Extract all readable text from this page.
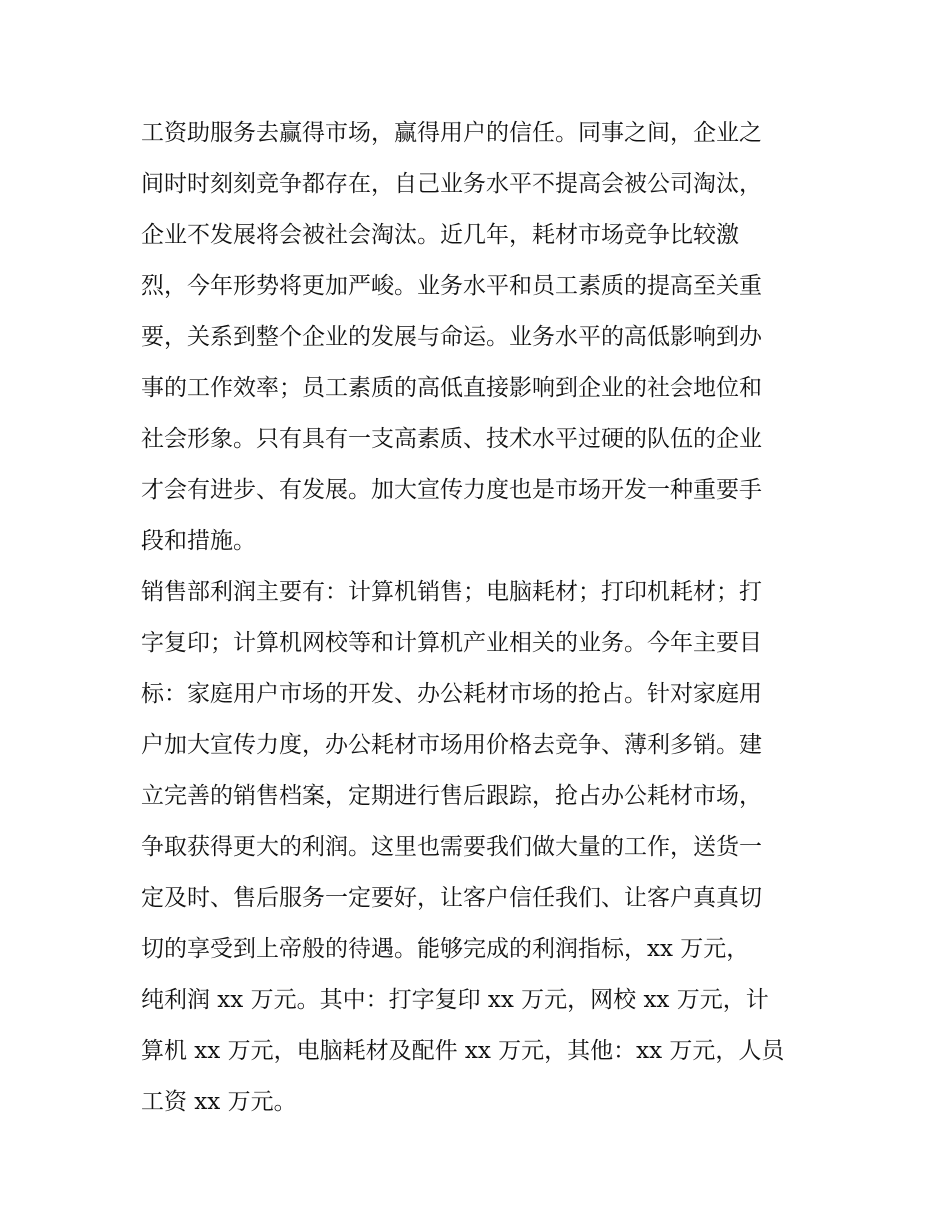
工资助服务去赢得市场，赢得用户的信任。同事之间，企业之
间时时刻刻竞争都存在，自己业务水平不提高会被公司淘汰，
企业不发展将会被社会淘汰。近几年，耗材市场竞争比较激
烈，今年形势将更加严峻。业务水平和员工素质的提高至关重
要，关系到整个企业的发展与命运。业务水平的高低影响到办
事的工作效率；员工素质的高低直接影响到企业的社会地位和
社会形象。只有具有一支高素质、技术水平过硬的队伍的企业
才会有进步、有发展。加大宣传力度也是市场开发一种重要手
段和措施。
销售部利润主要有：计算机销售；电脑耗材；打印机耗材；打
字复印；计算机网校等和计算机产业相关的业务。今年主要目
标：家庭用户市场的开发、办公耗材市场的抢占。针对家庭用
户加大宣传力度，办公耗材市场用价格去竞争、薄利多销。建
立完善的销售档案，定期进行售后跟踪，抢占办公耗材市场，
争取获得更大的利润。这里也需要我们做大量的工作，送货一
定及时、售后服务一定要好，让客户信任我们、让客户真真切
切的享受到上帝般的待遇。能够完成的利润指标，xx 万元，
纯利润 xx 万元。其中：打字复印 xx 万元，网校 xx 万元，计
算机 xx 万元，电脑耗材及配件 xx 万元，其他：xx 万元，人员
工资 xx 万元。
